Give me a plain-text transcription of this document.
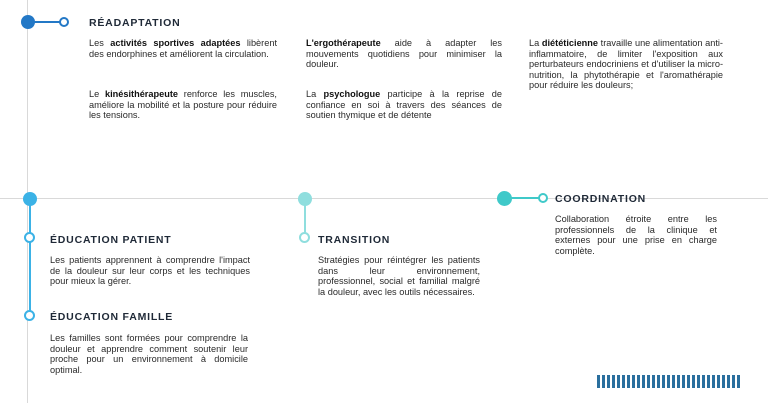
RÉADAPTATION

Les activités sportives adaptées libèrent des endorphines et améliorent la circulation.

Le kinésithérapeute renforce les muscles, améliore la mobilité et la posture pour réduire les tensions.

L'ergothérapeute aide à adapter les mouvements quotidiens pour minimiser la douleur.

La psychologue participe à la reprise de confiance en soi à travers des séances de soutien thymique et de détente

La diététicienne travaille une alimentation anti-inflammatoire, de limiter l'exposition aux perturbateurs endocriniens et d'utiliser la micro-nutrition, la phytothérapie et l'aromathérapie pour réduire les douleurs;

ÉDUCATION PATIENT

Les patients apprennent à comprendre l'impact de la douleur sur leur corps et les techniques pour mieux la gérer.

ÉDUCATION FAMILLE

Les familles sont formées pour comprendre la douleur et apprendre comment soutenir leur proche pour un environnement à domicile optimal.

TRANSITION

Stratégies pour réintégrer les patients dans leur environnement, professionnel, social et familial malgré la douleur, avec les outils nécessaires.

COORDINATION

Collaboration étroite entre les professionnels de la clinique et externes pour une prise en charge complète.
